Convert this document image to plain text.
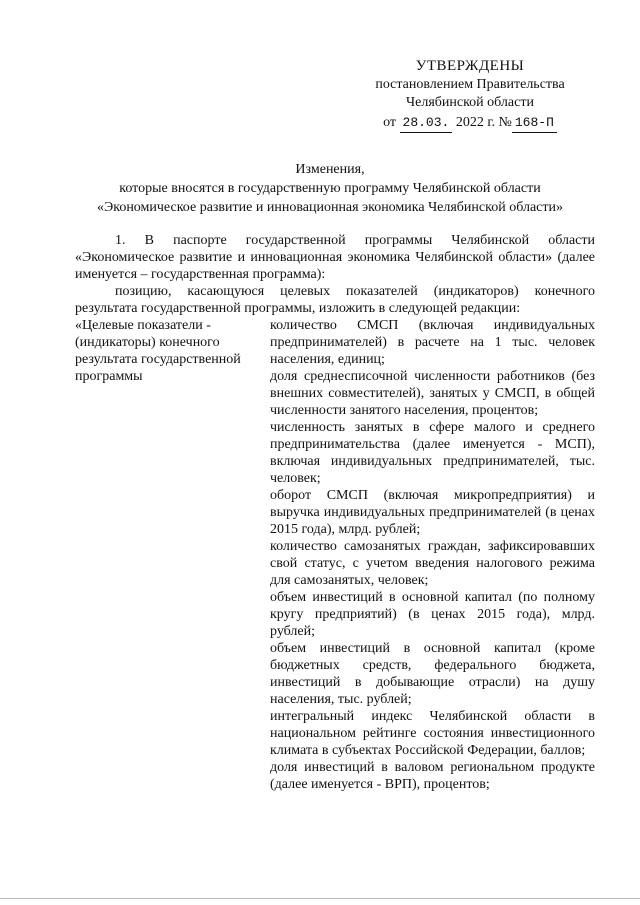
УТВЕРЖДЕНЫ
постановлением Правительства
Челябинской области
от 28.03. 2022 г. № 168-П
Изменения,
которые вносятся в государственную программу Челябинской области
«Экономическое развитие и инновационная экономика Челябинской области»

1. В паспорте государственной программы Челябинской области «Экономическое развитие и инновационная экономика Челябинской области» (далее именуется – государственная программа):

позицию, касающуюся целевых показателей (индикаторов) конечного результата государственной программы, изложить в следующей редакции:

«Целевые показатели - (индикаторы) конечного результата государственной программы

количество СМСП (включая индивидуальных предпринимателей) в расчете на 1 тыс. человек населения, единиц;

доля среднесписочной численности работников (без внешних совместителей), занятых у СМСП, в общей численности занятого населения, процентов;

численность занятых в сфере малого и среднего предпринимательства (далее именуется - МСП), включая индивидуальных предпринимателей, тыс. человек;

оборот СМСП (включая микропредприятия) и выручка индивидуальных предпринимателей (в ценах 2015 года), млрд. рублей;

количество самозанятых граждан, зафиксировавших свой статус, с учетом введения налогового режима для самозанятых, человек;

объем инвестиций в основной капитал (по полному кругу предприятий) (в ценах 2015 года), млрд. рублей;

объем инвестиций в основной капитал (кроме бюджетных средств, федерального бюджета, инвестиций в добывающие отрасли) на душу населения, тыс. рублей;

интегральный индекс Челябинской области в национальном рейтинге состояния инвестиционного климата в субъектах Российской Федерации, баллов;

доля инвестиций в валовом региональном продукте (далее именуется - ВРП), процентов;
